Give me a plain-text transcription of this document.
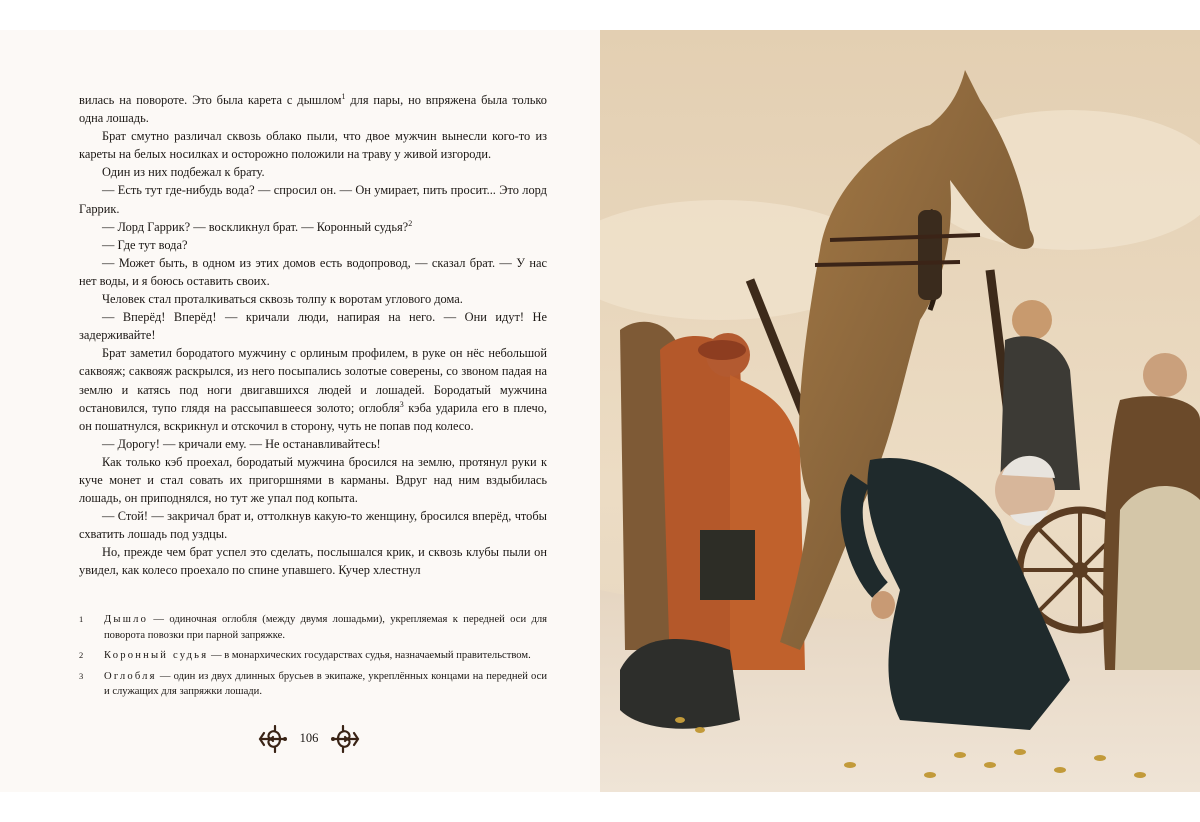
вилась на повороте. Это была карета с дышлом$^1$ для пары, но впряжена была только одна лошадь.

Брат смутно различал сквозь облако пыли, что двое мужчин вынесли кого-то из кареты на белых носилках и осторожно положили на траву у живой изгороди.

Один из них подбежал к брату.

— Есть тут где-нибудь вода? — спросил он. — Он умирает, пить просит... Это лорд Гаррик.

— Лорд Гаррик? — воскликнул брат. — Коронный судья?$^2$

— Где тут вода?

— Может быть, в одном из этих домов есть водопровод, — сказал брат. — У нас нет воды, и я боюсь оставить своих.

Человек стал проталкиваться сквозь толпу к воротам углового дома.

— Вперёд! Вперёд! — кричали люди, напирая на него. — Они идут! Не задерживайте!

Брат заметил бородатого мужчину с орлиным профилем, в руке он нёс небольшой саквояж; саквояж раскрылся, из него посыпались золотые соверены, со звоном падая на землю и катясь под ноги двигавшихся людей и лошадей. Бородатый мужчина остановился, тупо глядя на рассыпавшееся золото; оглобля$^3$ кэба ударила его в плечо, он пошатнулся, вскрикнул и отскочил в сторону, чуть не попав под колесо.

— Дорогу! — кричали ему. — Не останавливайтесь!

Как только кэб проехал, бородатый мужчина бросился на землю, протянул руки к куче монет и стал совать их пригоршнями в карманы. Вдруг над ним вздыбилась лошадь, он приподнялся, но тут же упал под копыта.

— Стой! — закричал брат и, оттолкнув какую-то женщину, бросился вперёд, чтобы схватить лошадь под уздцы.

Но, прежде чем брат успел это сделать, послышался крик, и сквозь клубы пыли он увидел, как колесо проехало по спине упавшего. Кучер хлестнул

1 Дышло — одиночная оглобля (между двумя лошадьми), укрепляемая к передней оси для поворота повозки при парной запряжке.
2 Коронный судья — в монархических государствах судья, назначаемый правительством.
3 Оглобля — один из двух длинных брусьев в экипаже, укреплённых концами на передней оси и служащих для запряжки лошади.
106
